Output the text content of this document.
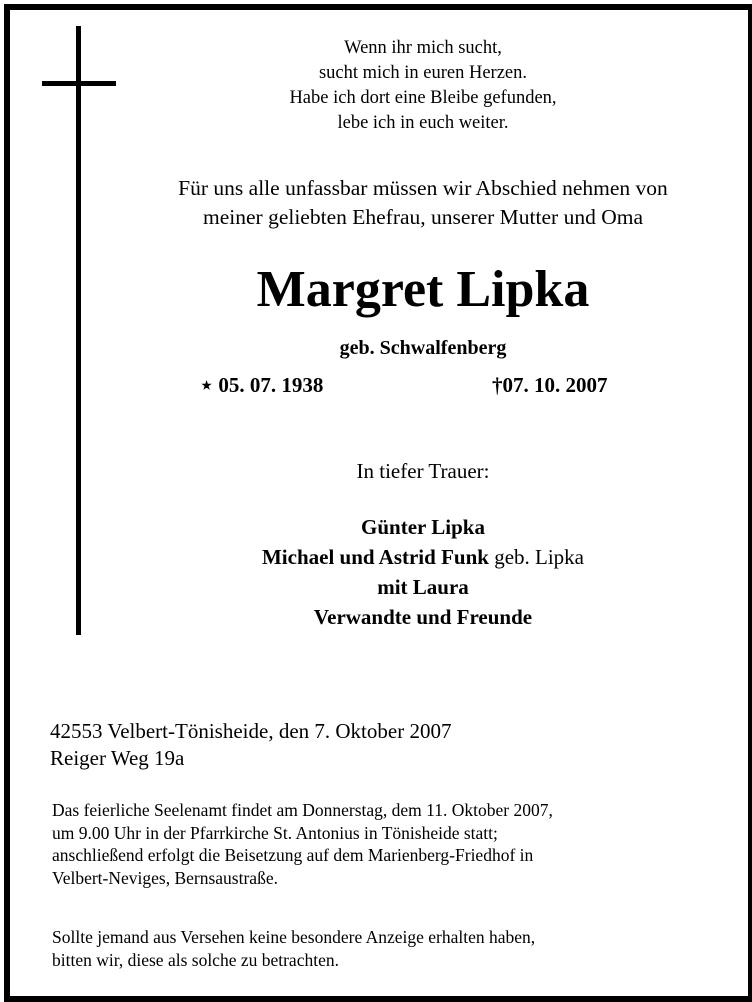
Wenn ihr mich sucht,
sucht mich in euren Herzen.
Habe ich dort eine Bleibe gefunden,
lebe ich in euch weiter.
Für uns alle unfassbar müssen wir Abschied nehmen von
meiner geliebten Ehefrau, unserer Mutter und Oma
Margret Lipka
geb. Schwalfenberg
⋆ 05. 07. 1938	†07. 10. 2007
In tiefer Trauer:
Günter Lipka
Michael und Astrid Funk geb. Lipka
mit Laura
Verwandte und Freunde
42553 Velbert-Tönisheide, den 7. Oktober 2007
Reiger Weg 19a
Das feierliche Seelenamt findet am Donnerstag, dem 11. Oktober 2007,
um 9.00 Uhr in der Pfarrkirche St. Antonius in Tönisheide statt;
anschließend erfolgt die Beisetzung auf dem Marienberg-Friedhof in
Velbert-Neviges, Bernsaustraße.
Sollte jemand aus Versehen keine besondere Anzeige erhalten haben,
bitten wir, diese als solche zu betrachten.
